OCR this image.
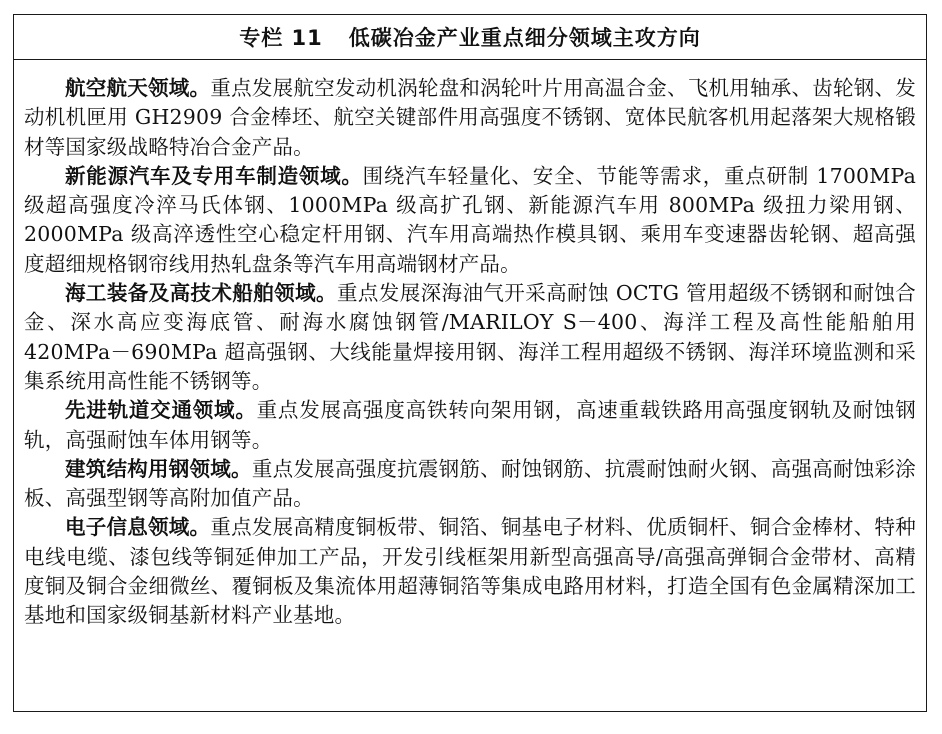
专栏 11 低碳冶金产业重点细分领域主攻方向

航空航天领域。重点发展航空发动机涡轮盘和涡轮叶片用高温合金、飞机用轴承、齿轮钢、发动机机匣用 GH2909 合金棒坯、航空关键部件用高强度不锈钢、宽体民航客机用起落架大规格锻材等国家级战略特冶合金产品。

新能源汽车及专用车制造领域。围绕汽车轻量化、安全、节能等需求，重点研制 1700MPa 级超高强度冷淬马氏体钢、1000MPa 级高扩孔钢、新能源汽车用 800MPa 级扭力梁用钢、2000MPa 级高淬透性空心稳定杆用钢、汽车用高端热作模具钢、乘用车变速器齿轮钢、超高强度超细规格钢帘线用热轧盘条等汽车用高端钢材产品。

海工装备及高技术船舶领域。重点发展深海油气开采高耐蚀 OCTG 管用超级不锈钢和耐蚀合金、深水高应变海底管、耐海水腐蚀钢管/MARILOY S－400、海洋工程及高性能船舶用 420MPa－690MPa 超高强钢、大线能量焊接用钢、海洋工程用超级不锈钢、海洋环境监测和采集系统用高性能不锈钢等。

先进轨道交通领域。重点发展高强度高铁转向架用钢，高速重载铁路用高强度钢轨及耐蚀钢轨，高强耐蚀车体用钢等。

建筑结构用钢领域。重点发展高强度抗震钢筋、耐蚀钢筋、抗震耐蚀耐火钢、高强高耐蚀彩涂板、高强型钢等高附加值产品。

电子信息领域。重点发展高精度铜板带、铜箔、铜基电子材料、优质铜杆、铜合金棒材、特种电线电缆、漆包线等铜延伸加工产品，开发引线框架用新型高强高导/高强高弹铜合金带材、高精度铜及铜合金细微丝、覆铜板及集流体用超薄铜箔等集成电路用材料，打造全国有色金属精深加工基地和国家级铜基新材料产业基地。
